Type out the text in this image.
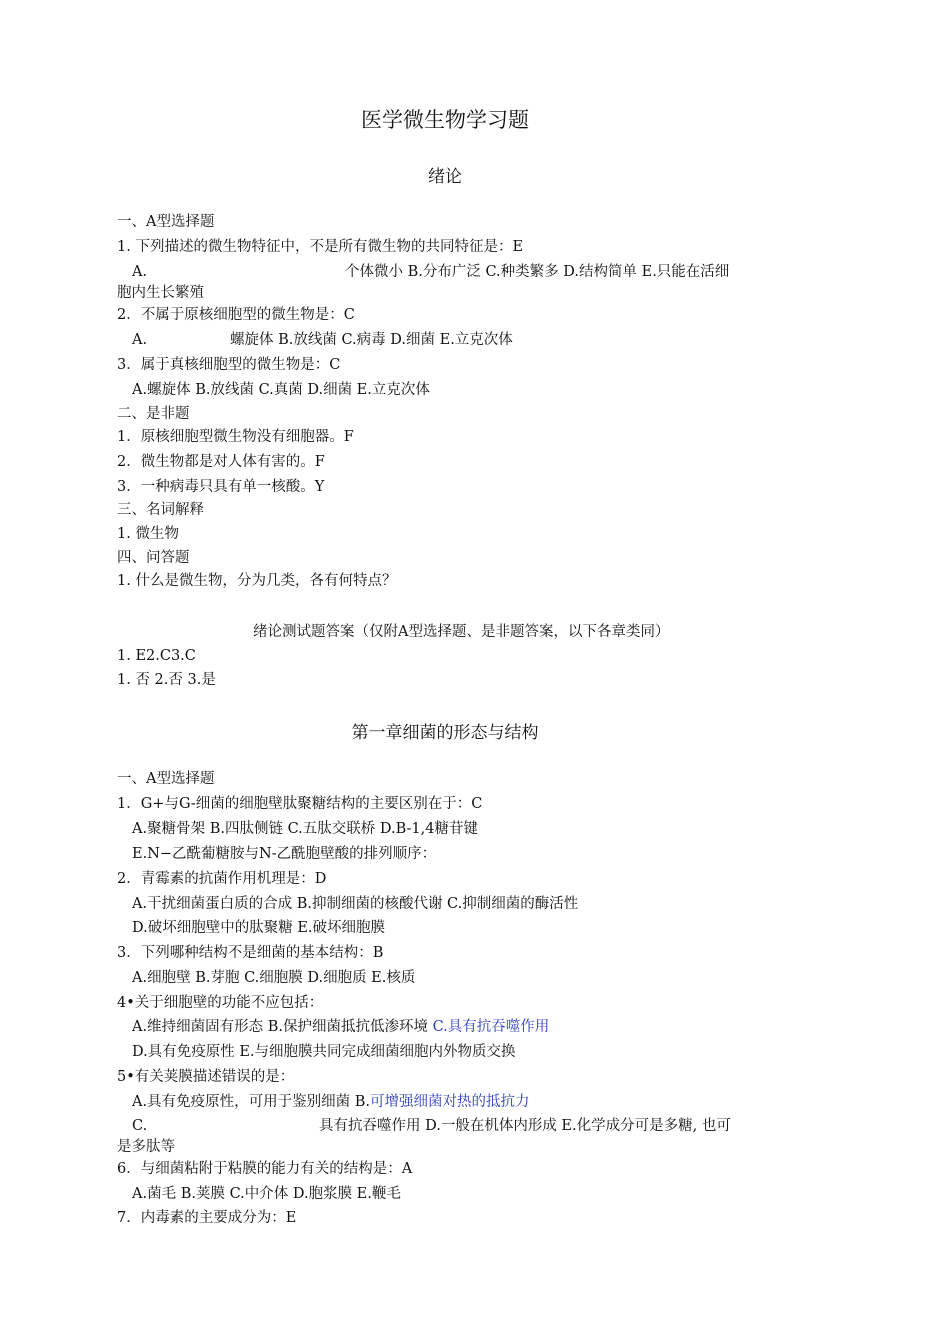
医学微生物学习题
绪论
一、A型选择题
1. 下列描述的微生物特征中，不是所有微生物的共同特征是：E
A.	个体微小 B.分布广泛 C.种类繁多 D.结构简单 E.只能在活细
胞内生长繁殖
2．不属于原核细胞型的微生物是：C
A.	螺旋体 B.放线菌 C.病毒 D.细菌 E.立克次体
3．属于真核细胞型的微生物是：C
A.螺旋体 B.放线菌 C.真菌 D.细菌 E.立克次体
二、是非题
1．原核细胞型微生物没有细胞器。F
2．微生物都是对人体有害的。F
3．一种病毒只具有单一核酸。Y
三、名词解释
1. 微生物
四、问答题
1. 什么是微生物，分为几类，各有何特点？
绪论测试题答案（仅附A型选择题、是非题答案，以下各章类同）
1. E2.C3.C
1. 否 2.否 3.是
第一章细菌的形态与结构
一、A型选择题
1．G+与G-细菌的细胞壁肽聚糖结构的主要区别在于：C
A.聚糖骨架 B.四肽侧链 C.五肽交联桥 D.B-1,4糖苷键
E.N−乙酰葡糖胺与N-乙酰胞壁酸的排列顺序：
2．青霉素的抗菌作用机理是：D
A.干扰细菌蛋白质的合成 B.抑制细菌的核酸代谢 C.抑制细菌的酶活性
D.破坏细胞壁中的肽聚糖 E.破坏细胞膜
3．下列哪种结构不是细菌的基本结构：B
A.细胞壁 B.芽胞 C.细胞膜 D.细胞质 E.核质
4•关于细胞壁的功能不应包括：
A.维持细菌固有形态 B.保护细菌抵抗低渗环境 C.具有抗吞噬作用
D.具有免疫原性 E.与细胞膜共同完成细菌细胞内外物质交换
5•有关荚膜描述错误的是：
A.具有免疫原性，可用于鉴别细菌 B.可增强细菌对热的抵抗力
C.	具有抗吞噬作用 D.一般在机体内形成 E.化学成分可是多糖, 也可
是多肽等
6．与细菌粘附于粘膜的能力有关的结构是：A
A.菌毛 B.荚膜 C.中介体 D.胞浆膜 E.鞭毛
7．内毒素的主要成分为：E
